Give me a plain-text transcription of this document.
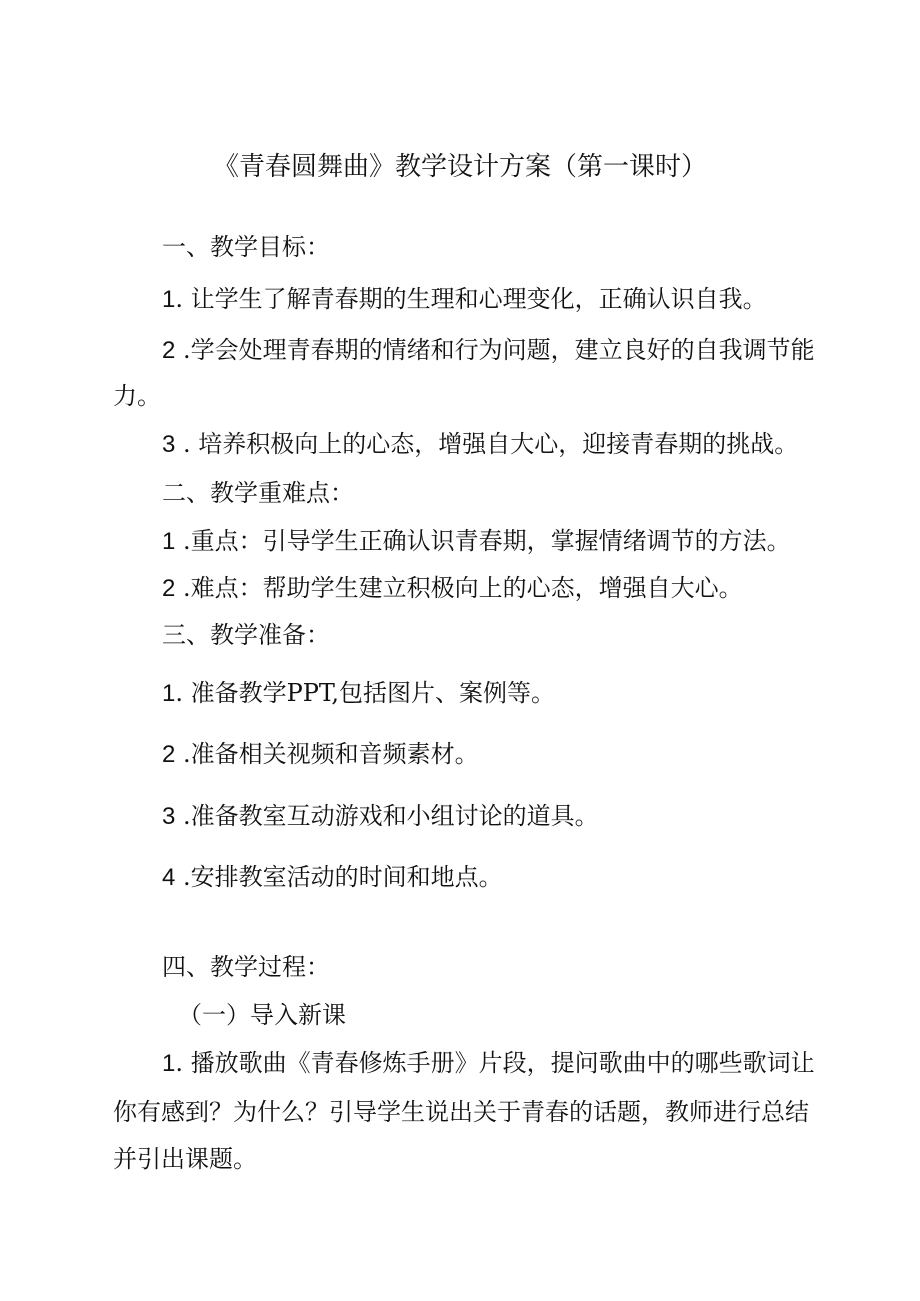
《青春圆舞曲》教学设计方案（第一课时）
一、教学目标：
1. 让学生了解青春期的生理和心理变化，正确认识自我。
2 .学会处理青春期的情绪和行为问题，建立良好的自我调节能
力。
3 . 培养积极向上的心态，增强自大心，迎接青春期的挑战。
二、教学重难点：
1 .重点：引导学生正确认识青春期，掌握情绪调节的方法。
2 .难点：帮助学生建立积极向上的心态，增强自大心。
三、教学准备：
1. 准备教学PPT,包括图片、案例等。
2 .准备相关视频和音频素材。
3 .准备教室互动游戏和小组讨论的道具。
4 .安排教室活动的时间和地点。
四、教学过程：
（一）导入新课
1. 播放歌曲《青春修炼手册》片段，提问歌曲中的哪些歌词让
你有感到？为什么？引导学生说出关于青春的话题，教师进行总结
并引出课题。
